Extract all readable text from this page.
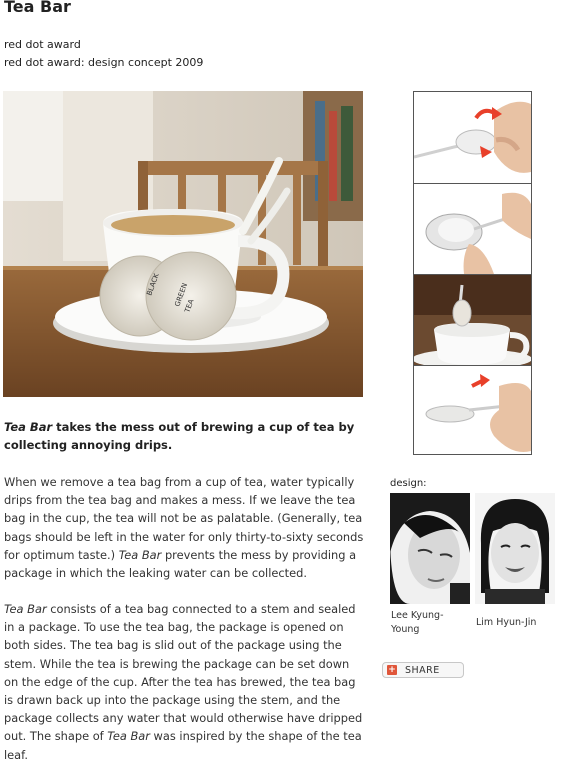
Tea Bar
red dot award
red dot award: design concept 2009
BLACK GREEN
TEA
Tea Bar takes the mess out of brewing a cup of tea by collecting annoying drips.
When we remove a tea bag from a cup of tea, water typically drips from the tea bag and makes a mess. If we leave the tea bag in the cup, the tea will not be as palatable. (Generally, tea bags should be left in the water for only thirty-to-sixty seconds for optimum taste.) Tea Bar prevents the mess by providing a package in which the leaking water can be collected.
Tea Bar consists of a tea bag connected to a stem and sealed in a package. To use the tea bag, the package is opened on both sides. The tea bag is slid out of the package using the stem. While the tea is brewing the package can be set down on the edge of the cup. After the tea has brewed, the tea bag is drawn back up into the package using the stem, and the package collects any water that would otherwise have dripped out. The shape of Tea Bar was inspired by the shape of the tea leaf.
design:
Lee Kyung-Young
Lim Hyun-Jin
+ SHARE
